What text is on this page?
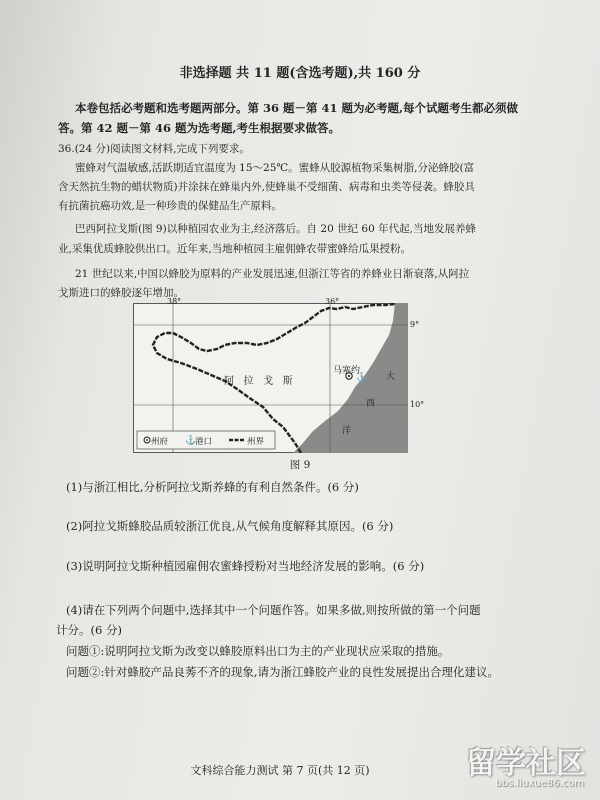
非选择题 共 11 题(含选考题),共 160 分
本卷包括必考题和选考题两部分。第 36 题－第 41 题为必考题,每个试题考生都必须做
答。第 42 题－第 46 题为选考题,考生根据要求做答。
36.(24 分)阅读图文材料,完成下列要求。
蜜蜂对气温敏感,活跃期适宜温度为 15～25℃。蜜蜂从胶源植物采集树脂,分泌蜂胶(富
含天然抗生物的蜡状物质)并涂抹在蜂巢内外,使蜂巢不受细菌、病毒和虫类等侵袭。蜂胶具
有抗菌抗癌功效,是一种珍贵的保健品生产原料。
巴西阿拉戈斯(图 9)以种植园农业为主,经济落后。自 20 世纪 60 年代起,当地发展养蜂
业,采集优质蜂胶供出口。近年来,当地种植园主雇佣蜂农带蜜蜂给瓜果授粉。
21 世纪以来,中国以蜂胶为原料的产业发展迅速,但浙江等省的养蜂业日渐衰落,从阿拉
戈斯进口的蜂胶逐年增加。
⚓
⚓
38°	36°
9°
10°
阿   拉   戈   斯
马塞约
大
西
洋
州府	港口	州界
图 9
(1)与浙江相比,分析阿拉戈斯养蜂的有利自然条件。(6 分)
(2)阿拉戈斯蜂胶品质较浙江优良,从气候角度解释其原因。(6 分)
(3)说明阿拉戈斯种植园雇佣农蜜蜂授粉对当地经济发展的影响。(6 分)
(4)请在下列两个问题中,选择其中一个问题作答。如果多做,则按所做的第一个问题
计分。(6 分)
问题①:说明阿拉戈斯为改变以蜂胶原料出口为主的产业现状应采取的措施。
问题②:针对蜂胶产品良莠不齐的现象,请为浙江蜂胶产业的良性发展提出合理化建议。
文科综合能力测试 第 7 页(共 12 页)	留学社区
bbs.liuxue86.com
